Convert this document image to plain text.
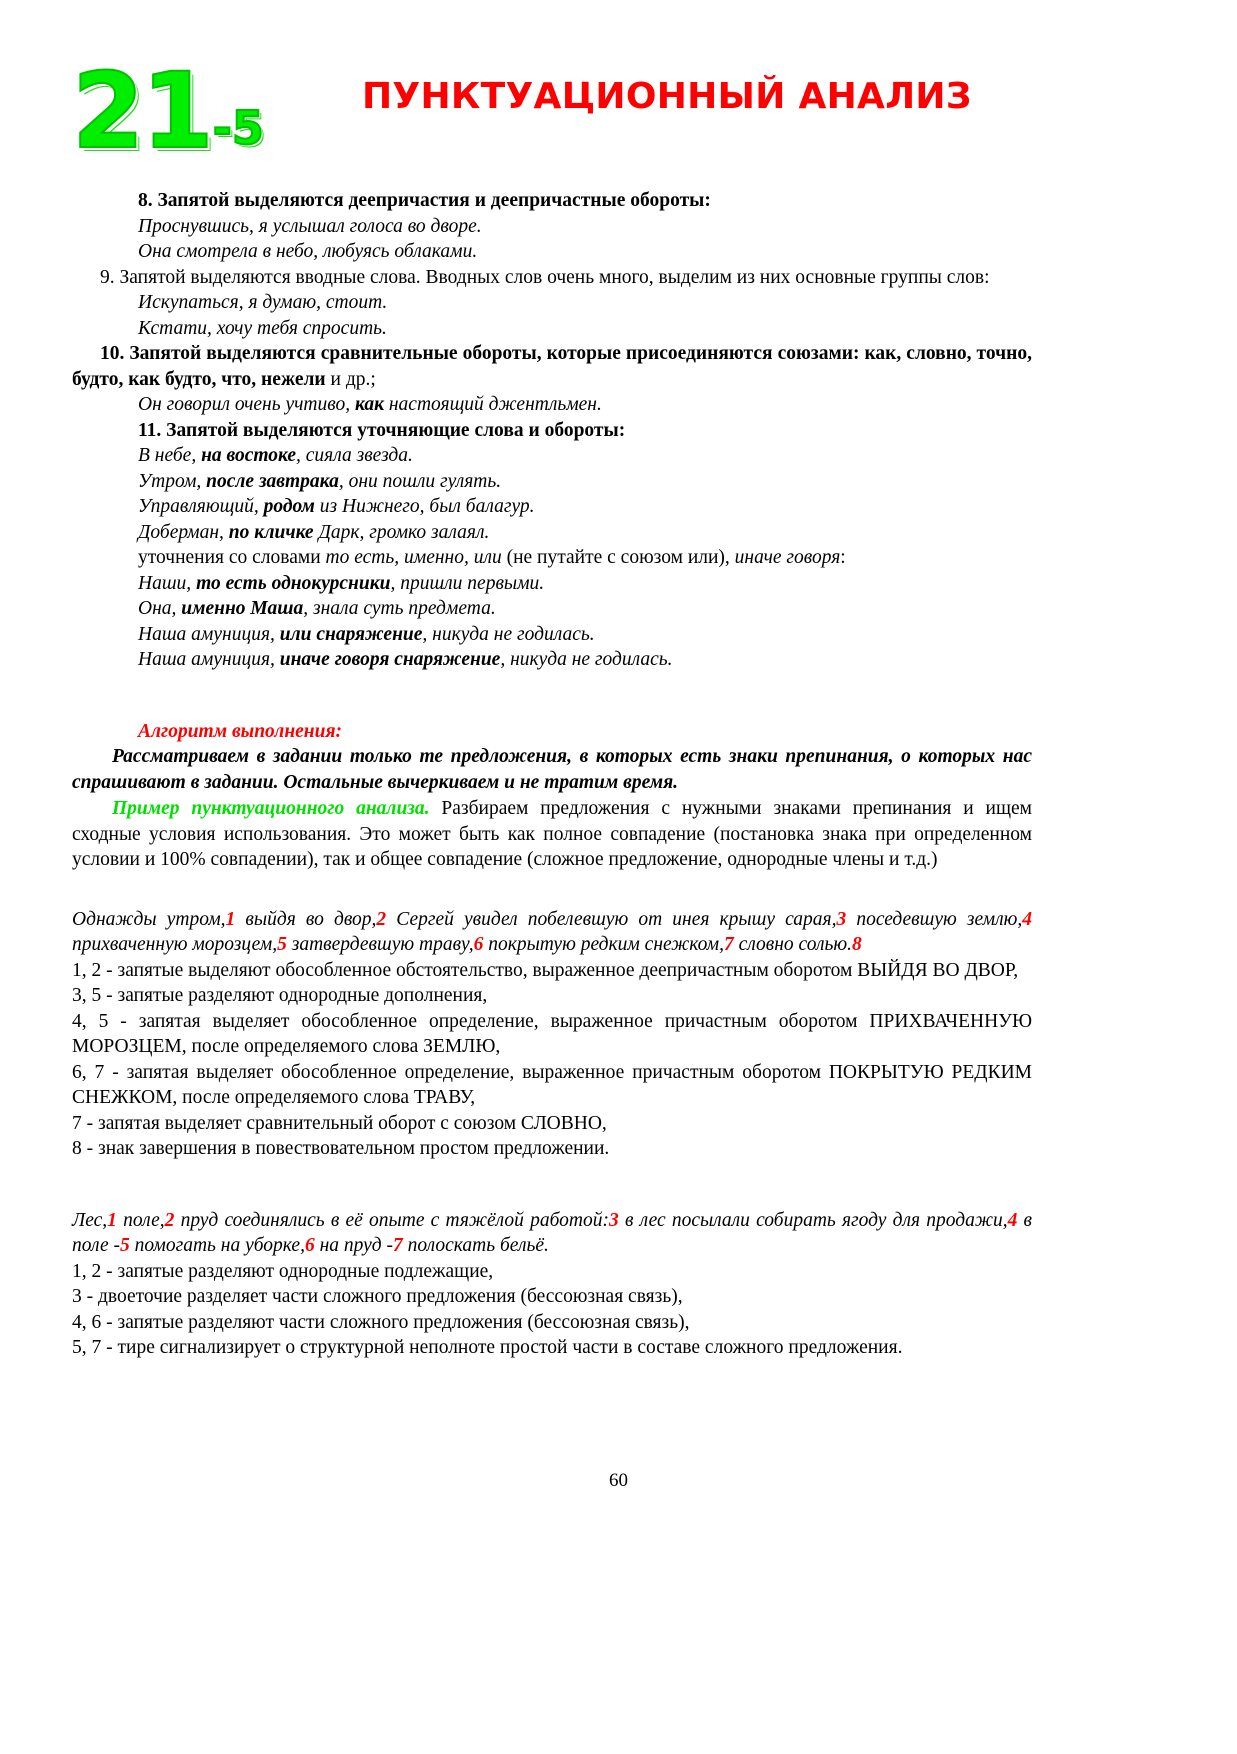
21 -5
ПУНКТУАЦИОННЫЙ АНАЛИЗ
8. Запятой выделяются деепричастия и деепричастные обороты:
Проснувшись, я услышал голоса во дворе.
Она смотрела в небо, любуясь облаками.
9. Запятой выделяются вводные слова. Вводных слов очень много, выделим из них основные группы слов:
Искупаться, я думаю, стоит.
Кстати, хочу тебя спросить.
10. Запятой выделяются сравнительные обороты, которые присоединяются союзами: как, словно, точно, будто, как будто, что, нежели и др.;
Он говорил очень учтиво, как настоящий джентльмен.
11. Запятой выделяются уточняющие слова и обороты:
В небе, на востоке, сияла звезда.
Утром, после завтрака, они пошли гулять.
Управляющий, родом из Нижнего, был балагур.
Доберман, по кличке Дарк, громко залаял.
уточнения со словами то есть, именно, или (не путайте с союзом или), иначе говоря:
Наши, то есть однокурсники, пришли первыми.
Она, именно Маша, знала суть предмета.
Наша амуниция, или снаряжение, никуда не годилась.
Наша амуниция, иначе говоря снаряжение, никуда не годилась.
Алгоритм выполнения:
Рассматриваем в задании только те предложения, в которых есть знаки препинания, о которых нас спрашивают в задании. Остальные вычеркиваем и не тратим время.
Пример пунктуационного анализа. Разбираем предложения с нужными знаками препинания и ищем сходные условия использования. Это может быть как полное совпадение (постановка знака при определенном условии и 100% совпадении), так и общее совпадение (сложное предложение, однородные члены и т.д.)
Однажды утром,1 выйдя во двор,2 Сергей увидел побелевшую от инея крышу сарая,3 поседевшую землю,4 прихваченную морозцем,5 затвердевшую траву,6 покрытую редким снежком,7 словно солью.8
1, 2 - запятые выделяют обособленное обстоятельство, выраженное деепричастным оборотом ВЫЙДЯ ВО ДВОР,
3, 5 - запятые разделяют однородные дополнения,
4, 5 - запятая выделяет обособленное определение, выраженное причастным оборотом ПРИХВАЧЕННУЮ МОРОЗЦЕМ, после определяемого слова ЗЕМЛЮ,
6, 7 - запятая выделяет обособленное определение, выраженное причастным оборотом ПОКРЫТУЮ РЕДКИМ СНЕЖКОМ, после определяемого слова ТРАВУ,
7 - запятая выделяет сравнительный оборот с союзом СЛОВНО,
8 - знак завершения в повествовательном простом предложении.
Лес,1 поле,2 пруд соединялись в её опыте с тяжёлой работой:3 в лес посылали собирать ягоду для продажи,4 в поле -5 помогать на уборке,6 на пруд -7 полоскать бельё.
1, 2 - запятые разделяют однородные подлежащие,
3 - двоеточие разделяет части сложного предложения (бессоюзная связь),
4, 6 - запятые разделяют части сложного предложения (бессоюзная связь),
5, 7 - тире сигнализирует о структурной неполноте простой части в составе сложного предложения.
60
